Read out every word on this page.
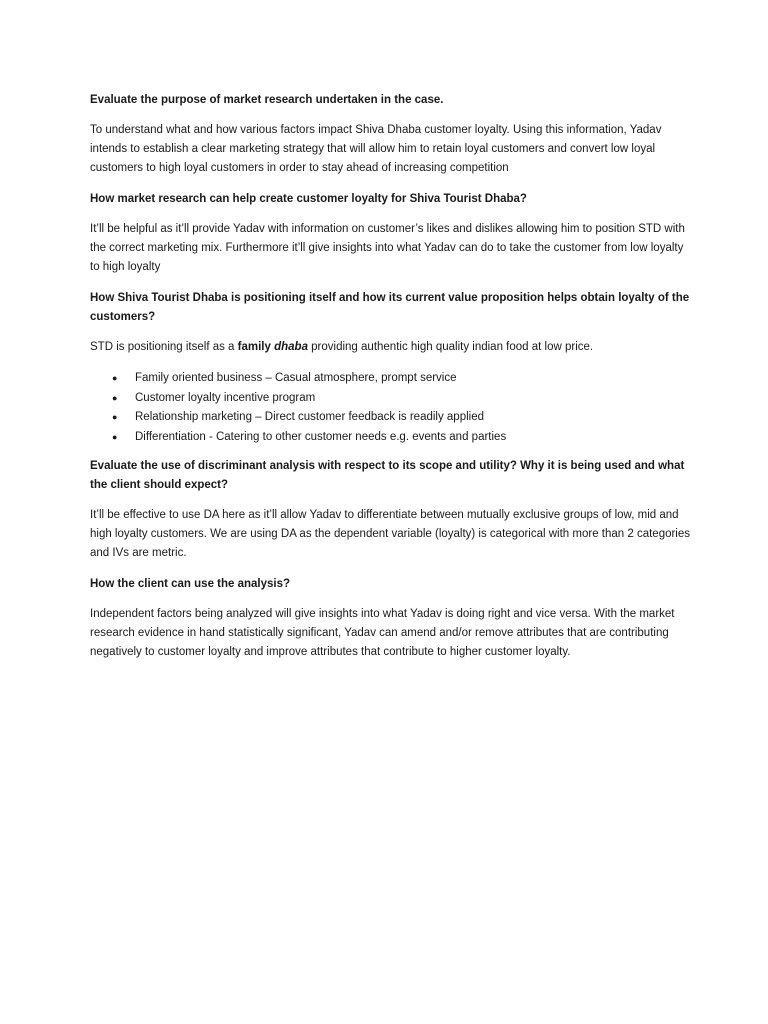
Evaluate the purpose of market research undertaken in the case.

To understand what and how various factors impact Shiva Dhaba customer loyalty. Using this information, Yadav intends to establish a clear marketing strategy that will allow him to retain loyal customers and convert low loyal customers to high loyal customers in order to stay ahead of increasing competition

How market research can help create customer loyalty for Shiva Tourist Dhaba?

It’ll be helpful as it’ll provide Yadav with information on customer’s likes and dislikes allowing him to position STD with the correct marketing mix. Furthermore it’ll give insights into what Yadav can do to take the customer from low loyalty to high loyalty

How Shiva Tourist Dhaba is positioning itself and how its current value proposition helps obtain loyalty of the customers?

STD is positioning itself as a family dhaba providing authentic high quality indian food at low price.

● Family oriented business – Casual atmosphere, prompt service
● Customer loyalty incentive program
● Relationship marketing – Direct customer feedback is readily applied
● Differentiation - Catering to other customer needs e.g. events and parties

Evaluate the use of discriminant analysis with respect to its scope and utility? Why it is being used and what the client should expect?

It’ll be effective to use DA here as it’ll allow Yadav to differentiate between mutually exclusive groups of low, mid and high loyalty customers. We are using DA as the dependent variable (loyalty) is categorical with more than 2 categories and IVs are metric.

How the client can use the analysis?

Independent factors being analyzed will give insights into what Yadav is doing right and vice versa. With the market research evidence in hand statistically significant, Yadav can amend and/or remove attributes that are contributing negatively to customer loyalty and improve attributes that contribute to higher customer loyalty.
